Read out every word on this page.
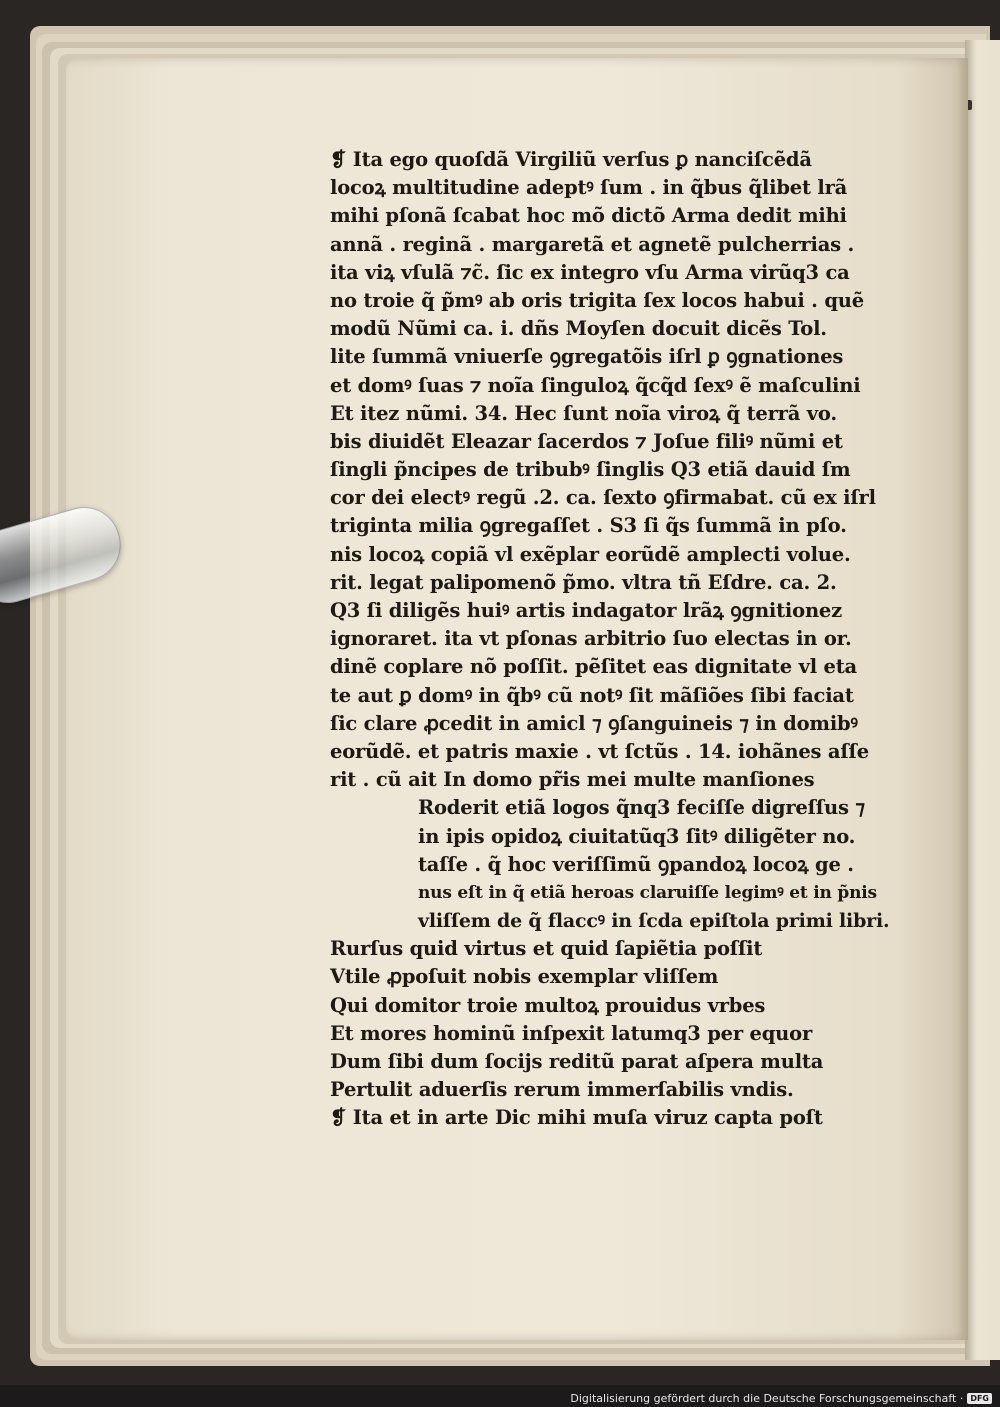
❡ Ita ego quoſdã Virgiliũ verſus ꝑ nanciſcẽdã
locoꝝ multitudine adeptꝰ ſum . in q̃bus q̃libet lrã
mihi pſonã ſcabat hoc mõ dictõ Arma dedit mihi
annã . reginã . margaretã et agnetẽ pulcherrias .
ita viꝝ vſulã ⁊c̃. ſic ex integro vſu Arma virũq3 ca
no troie q̃ p̃mꝰ ab oris trigita ſex locos habui . quẽ
modũ Nũmi ca. i. dñs Moyſen docuit dicẽs Tol.
lite ſummã vniuerſe ꝯgregatõis iſrl ꝑ ꝯgnationes
et domꝰ ſuas ⁊ noĩa ſinguloꝝ q̃cq̃d ſexꝰ ẽ maſculini
Et itez nũmi. 34. Hec ſunt noĩa viroꝝ q̃ terrã vo.
bis diuidẽt Eleazar ſacerdos ⁊ Joſue filiꝰ nũmi et
ſingli p̃ncipes de tribubꝰ ſinglis Q3 etiã dauid ſm
cor dei electꝰ regũ .2. ca. ſexto ꝯfirmabat. cũ ex iſrl
triginta milia ꝯgregaſſet . S3 ſi q̃s ſummã in pſo.
nis locoꝝ copiã vl exẽplar eorũdẽ amplecti volue.
rit. legat palipomenõ p̃mo. vltra tñ Eſdre. ca. 2.
Q3 ſi diligẽs huiꝰ artis indagator lrãꝝ ꝯgnitionez
ignoraret. ita vt pſonas arbitrio ſuo electas in or.
dinẽ coplare nõ poſſit. pẽſitet eas dignitate vl eta
te aut ꝑ domꝰ in q̃bꝰ cũ notꝰ ſit mãſiões ſibi faciat
ſic clare ꝓcedit in amicl ⁊ ꝯſanguineis ⁊ in domibꝰ
eorũdẽ. et patris maxie . vt ſctũs . 14. iohãnes aſſe
rit . cũ ait In domo pr̃is mei multe manſiones
Roderit etiã logos q̃nq3 feciſſe digreſſus ⁊
in ipis opidoꝝ ciuitatũq3 ſitꝰ diligẽter no.
taſſe . q̃ hoc veriſſimũ ꝯpandoꝝ locoꝝ ge .
nus eſt in q̃ etiã heroas claruiſſe legimꝰ et in p̃nis
vliſſem de q̃ flaccꝰ in ſcda epiſtola primi libri.
Rurſus quid virtus et quid ſapiẽtia poſſit
Vtile ꝓpoſuit nobis exemplar vliſſem
Qui domitor troie multoꝝ prouidus vrbes
Et mores hominũ inſpexit latumq3 per equor
Dum ſibi dum ſocijs reditũ parat aſpera multa
Pertulit aduerſis rerum immerſabilis vndis.
❡ Ita et in arte Dic mihi muſa viruz capta poſt
Digitalisierung gefördert durch die Deutsche Forschungsgemeinschaft · DFG
